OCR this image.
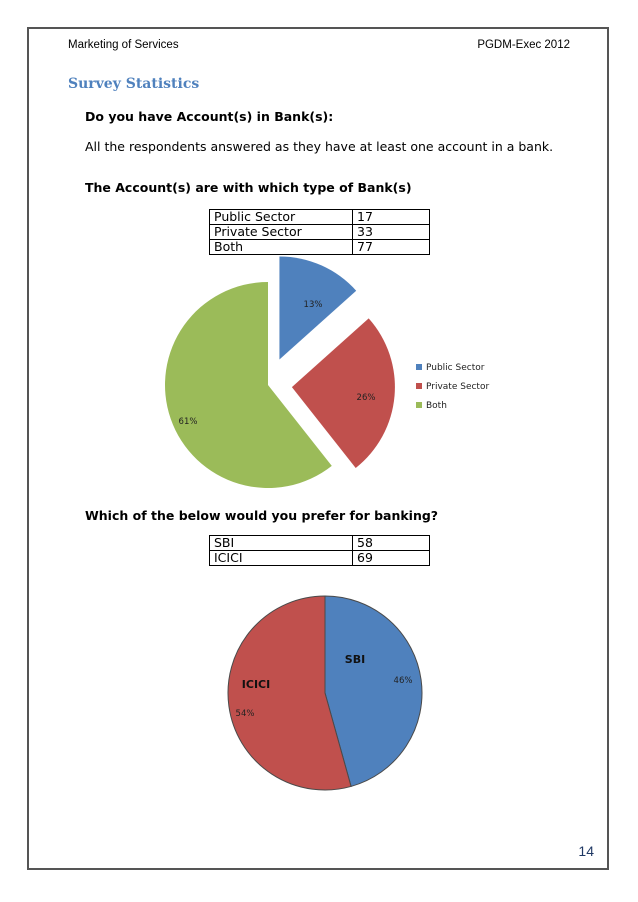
Marketing of Services	PGDM-Exec 2012
Survey Statistics
Do you have Account(s) in Bank(s):
All the respondents answered as they have at least one account in a bank.
The Account(s) are with which type of Bank(s)
Public Sector	17
Private Sector	33
Both	77
13%
26%
61%
Public Sector
Private Sector
Both
Which of the below would you prefer for banking?
SBI	58
ICICI	69
46%
SBI
54%
ICICI
14
